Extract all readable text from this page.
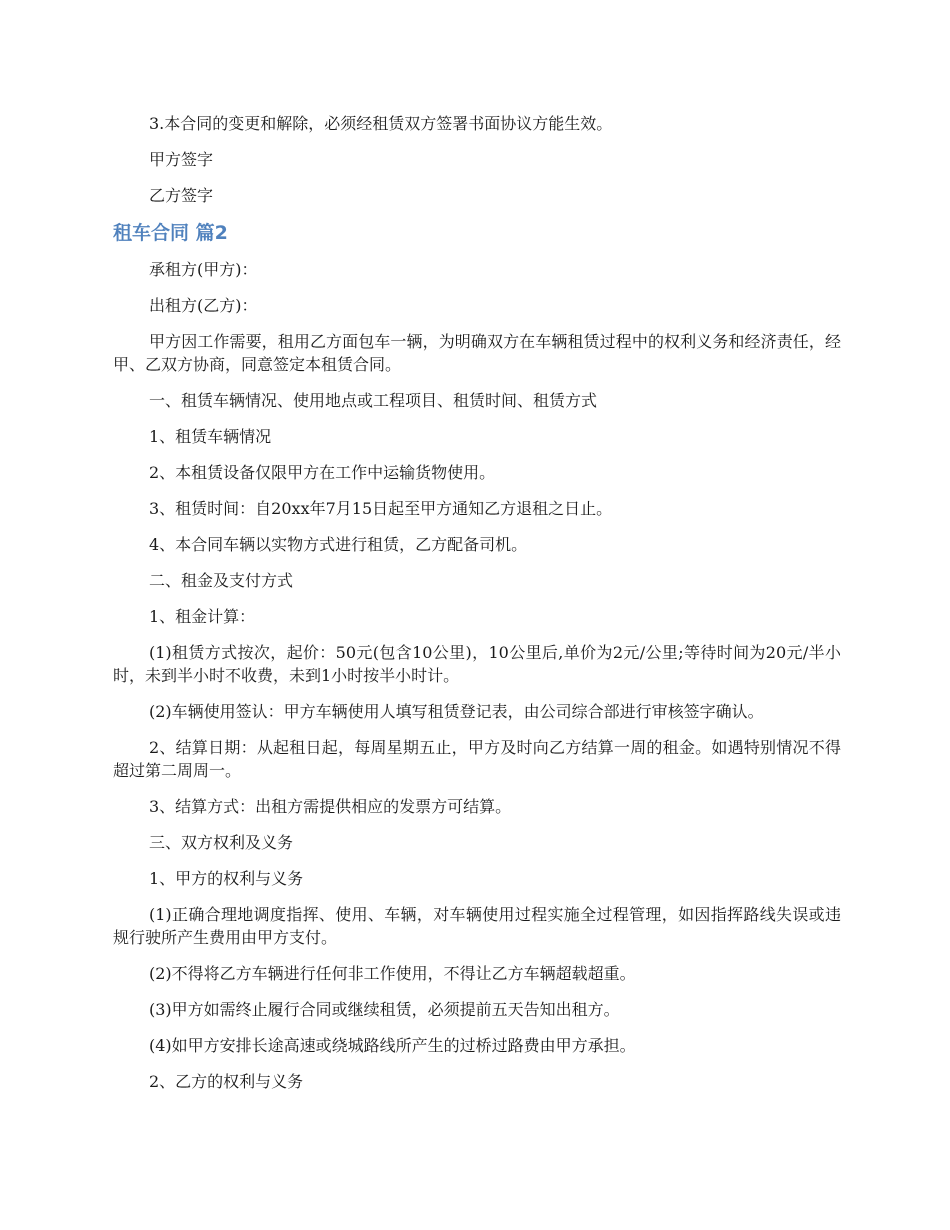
3.本合同的变更和解除，必须经租赁双方签署书面协议方能生效。

甲方签字

乙方签字

租车合同 篇2

承租方(甲方)：

出租方(乙方)：

甲方因工作需要，租用乙方面包车一辆，为明确双方在车辆租赁过程中的权利义务和经济责任，经甲、乙双方协商，同意签定本租赁合同。

一、租赁车辆情况、使用地点或工程项目、租赁时间、租赁方式

1、租赁车辆情况

2、本租赁设备仅限甲方在工作中运输货物使用。

3、租赁时间：自20xx年7月15日起至甲方通知乙方退租之日止。

4、本合同车辆以实物方式进行租赁，乙方配备司机。

二、租金及支付方式

1、租金计算：

(1)租赁方式按次，起价：50元(包含10公里)，10公里后,单价为2元/公里;等待时间为20元/半小时，未到半小时不收费，未到1小时按半小时计。

(2)车辆使用签认：甲方车辆使用人填写租赁登记表，由公司综合部进行审核签字确认。

2、结算日期：从起租日起，每周星期五止，甲方及时向乙方结算一周的租金。如遇特别情况不得超过第二周周一。

3、结算方式：出租方需提供相应的发票方可结算。

三、双方权利及义务

1、甲方的权利与义务

(1)正确合理地调度指挥、使用、车辆，对车辆使用过程实施全过程管理，如因指挥路线失误或违规行驶所产生费用由甲方支付。

(2)不得将乙方车辆进行任何非工作使用，不得让乙方车辆超载超重。

(3)甲方如需终止履行合同或继续租赁，必须提前五天告知出租方。

(4)如甲方安排长途高速或绕城路线所产生的过桥过路费由甲方承担。

2、乙方的权利与义务
